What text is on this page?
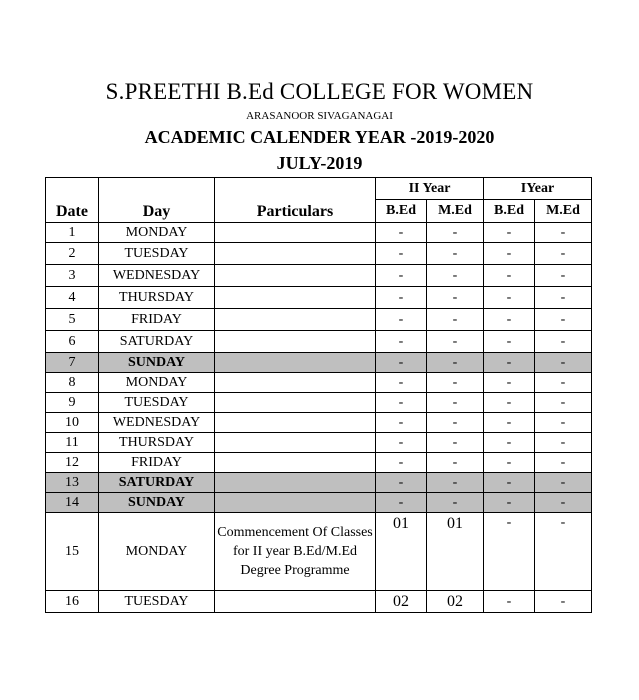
S.PREETHI B.Ed COLLEGE FOR WOMEN
ARASANOOR SIVAGANAGAI
ACADEMIC CALENDER YEAR -2019-2020
JULY-2019
Date	Day	Particulars	II Year		IYear	
			B.Ed	M.Ed	B.Ed	M.Ed
1	MONDAY		-	-	-	-
2	TUESDAY		-	-	-	-
3	WEDNESDAY		-	-	-	-
4	THURSDAY		-	-	-	-
5	FRIDAY		-	-	-	-
6	SATURDAY		-	-	-	-
7	SUNDAY		-	-	-	-
8	MONDAY		-	-	-	-
9	TUESDAY		-	-	-	-
10	WEDNESDAY		-	-	-	-
11	THURSDAY		-	-	-	-
12	FRIDAY		-	-	-	-
13	SATURDAY		-	-	-	-
14	SUNDAY		-	-	-	-
15	MONDAY	Commencement Of Classes for II year B.Ed/M.Ed Degree Programme	01	01	-	-
16	TUESDAY		02	02	-	-
